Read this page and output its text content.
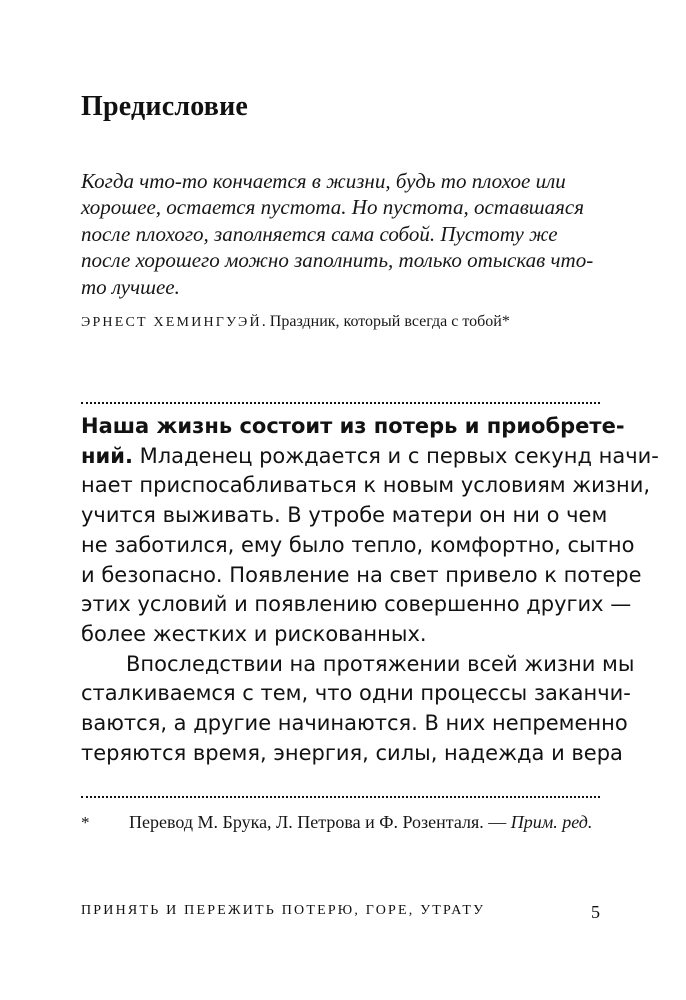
Предисловие
Когда что-то кончается в жизни, будь то плохое или хорошее, остается пустота. Но пустота, оставшаяся после плохого, заполняется сама собой. Пустоту же после хорошего можно заполнить, только отыскав что-то лучшее.

ЭРНЕСТ ХЕМИНГУЭЙ. Праздник, который всегда с тобой*

Наша жизнь состоит из потерь и приобрете-
ний. Младенец рождается и с первых секунд начи-
нает приспосабливаться к новым условиям жизни,
учится выживать. В утробе матери он ни о чем
не заботился, ему было тепло, комфортно, сытно
и безопасно. Появление на свет привело к потере
этих условий и появлению совершенно других —
более жестких и рискованных.

Впоследствии на протяжении всей жизни мы
сталкиваемся с тем, что одни процессы заканчи-
ваются, а другие начинаются. В них непременно
теряются время, энергия, силы, надежда и вера

* Перевод М. Брука, Л. Петрова и Ф. Розенталя. — Прим. ред.

ПРИНЯТЬ И ПЕРЕЖИТЬ ПОТЕРЮ, ГОРЕ, УТРАТУ	5
